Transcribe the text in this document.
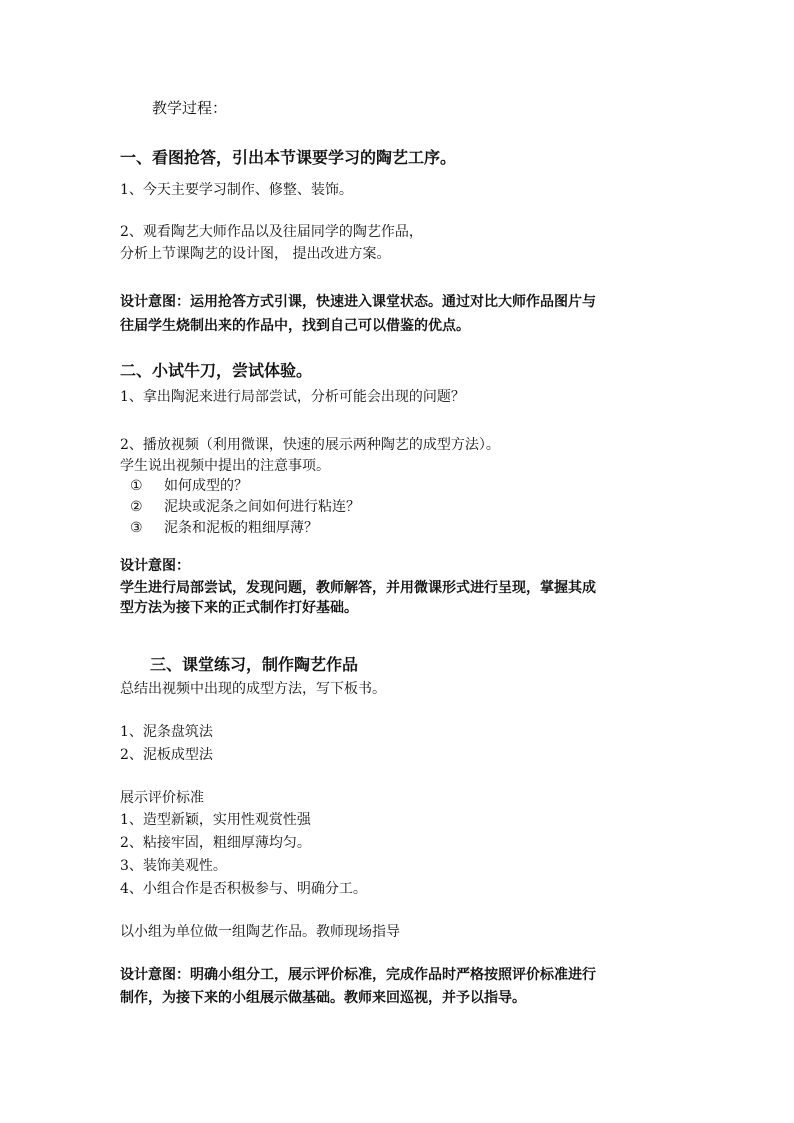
教学过程：
一、看图抢答，引出本节课要学习的陶艺工序。
1、今天主要学习制作、修整、装饰。
2、观看陶艺大师作品以及往届同学的陶艺作品，
分析上节课陶艺的设计图， 提出改进方案。
设计意图：运用抢答方式引课，快速进入课堂状态。通过对比大师作品图片与
往届学生烧制出来的作品中，找到自己可以借鉴的优点。
二、小试牛刀，尝试体验。
1、拿出陶泥来进行局部尝试，分析可能会出现的问题？
2、播放视频（利用微课，快速的展示两种陶艺的成型方法）。
学生说出视频中提出的注意事项。
① 如何成型的？
② 泥块或泥条之间如何进行粘连？
③ 泥条和泥板的粗细厚薄？
设计意图：
学生进行局部尝试，发现问题，教师解答，并用微课形式进行呈现，掌握其成
型方法为接下来的正式制作打好基础。
三、课堂练习，制作陶艺作品
总结出视频中出现的成型方法，写下板书。
1、泥条盘筑法
2、泥板成型法
展示评价标准
1、造型新颖，实用性观赏性强
2、粘接牢固，粗细厚薄均匀。
3、装饰美观性。
4、小组合作是否积极参与、明确分工。
以小组为单位做一组陶艺作品。教师现场指导
设计意图：明确小组分工，展示评价标准，完成作品时严格按照评价标准进行
制作，为接下来的小组展示做基础。教师来回巡视，并予以指导。
